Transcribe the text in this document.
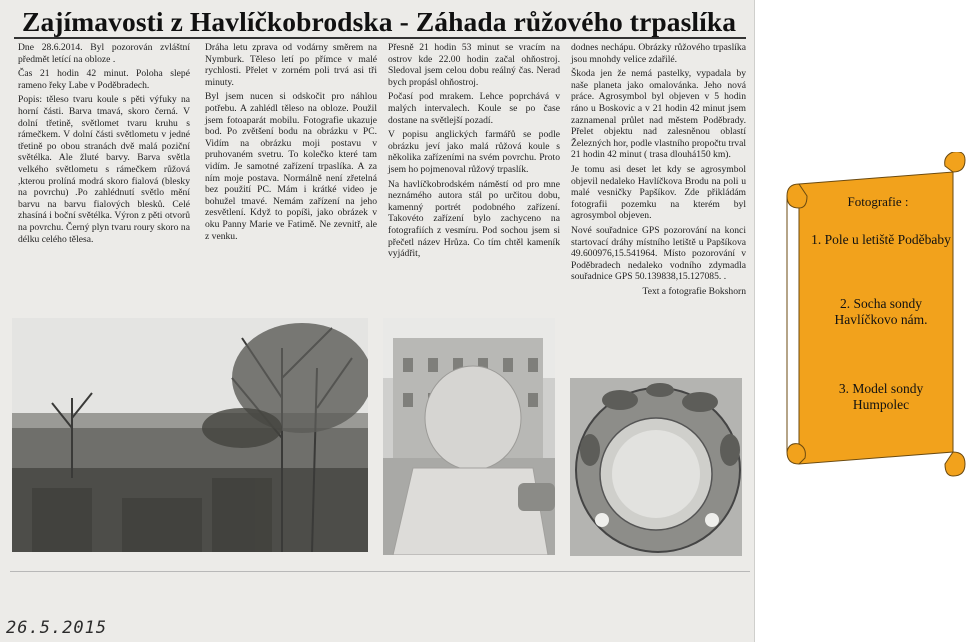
Zajímavosti z Havlíčkobrodska - Záhada růžového trpaslíka

Dne 28.6.2014. Byl pozorován zvláštní předmět letící na obloze .

Čas 21 hodin 42 minut. Poloha slepé rameno řeky Labe v Poděbradech.

Popis: těleso tvaru koule s pěti výfuky na horní části. Barva tmavá, skoro černá. V dolní třetině, světlomet tvaru kruhu s rámečkem. V dolní části světlometu v jedné třetině po obou stranách dvě malá poziční světélka. Ale žluté barvy. Barva světla velkého světlometu s rámečkem růžová ,kterou prolíná modrá skoro fialová (blesky na povrchu) .Po zahlédnutí světlo mění barvu na barvu fialových blesků. Celé zhasíná i boční světélka. Výron z pěti otvorů na povrchu. Černý plyn tvaru roury skoro na délku celého tělesa.

Dráha letu zprava od vodárny směrem na Nymburk. Těleso letí po přímce v malé rychlosti. Přelet v zorném poli trvá asi tři minuty.

Byl jsem nucen si odskočit pro náhlou potřebu. A zahlédl těleso na obloze. Použil jsem fotoaparát mobilu. Fotografie ukazuje bod. Po zvětšení bodu na obrázku v PC. Vidím na obrázku moji postavu v pruhovaném svetru. To kolečko které tam vidím. Je samotné zařízení trpaslíka. A za ním moje postava. Normálně není zřetelná bez použití PC. Mám i krátké video je bohužel tmavé. Nemám zařízení na jeho zesvětlení. Když to popíši, jako obrázek v oku Panny Marie ve Fatimě. Ne zevnitř, ale z venku.

Přesně 21 hodin 53 minut se vracím na ostrov kde 22.00 hodin začal ohňostroj. Sledoval jsem celou dobu reálný čas. Nerad bych propásl ohňostroj.

Počasí pod mrakem. Lehce poprchává v malých intervalech. Koule se po čase dostane na světlejší pozadí.

V popisu anglických farmářů se podle obrázku jeví jako malá růžová koule s několika zařízeními na svém povrchu. Proto jsem ho pojmenoval růžový trpaslík.

Na havlíčkobrodském náměstí od pro mne neznámého autora stál po určitou dobu, kamenný portrét podobného zařízení. Takovéto zařízení bylo zachyceno na fotografiích z vesmíru. Pod sochou jsem si přečetl název Hrůza. Co tím chtěl kameník vyjádřit,

dodnes nechápu. Obrázky růžového trpaslíka jsou mnohdy velice zdařilé.

Škoda jen že nemá pastelky, vypadala by naše planeta jako omalovánka. Jeho nová práce. Agrosymbol byl objeven v 5 hodin ráno u Boskovic a v 21 hodin 42 minut jsem zaznamenal průlet nad městem Poděbrady. Přelet objektu nad zalesněnou oblastí Železných hor, podle vlastního propočtu trval 21 hodin 42 minut ( trasa dlouhá150 km).

Je tomu asi deset let kdy se agrosymbol objevil nedaleko Havlíčkova Brodu na poli u malé vesničky Papšíkov. Zde přikládám fotografii pozemku na kterém byl agrosymbol objeven.

Nové souřadnice GPS pozorování na konci startovací dráhy místního letiště u Papšíkova 49.600976,15.541964. Místo pozorování v Poděbradech nedaleko vodního zdymadla souřadnice GPS 50.139838,15.127085. .

Text a fotografie Bokshorn

26.5.2015
Fotografie :
1. Pole u letiště Poděbaby
2. Socha sondy Havlíčkovo nám.
3. Model sondy Humpolec
